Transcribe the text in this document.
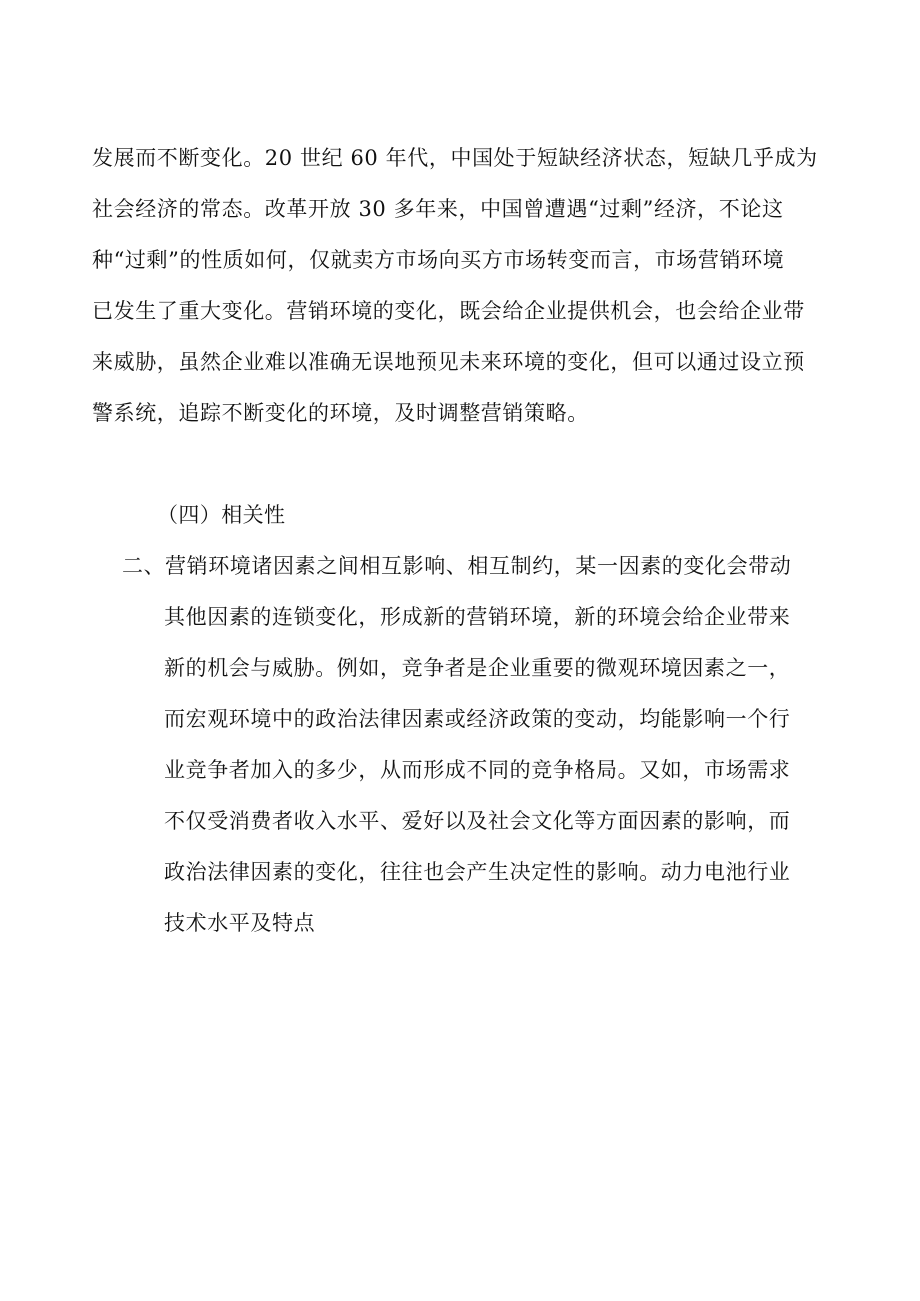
发展而不断变化。20 世纪 60 年代，中国处于短缺经济状态，短缺几乎成为
社会经济的常态。改革开放 30 多年来，中国曾遭遇“过剩”经济，不论这
种“过剩”的性质如何，仅就卖方市场向买方市场转变而言，市场营销环境
已发生了重大变化。营销环境的变化，既会给企业提供机会，也会给企业带
来威胁，虽然企业难以准确无误地预见未来环境的变化，但可以通过设立预
警系统，追踪不断变化的环境，及时调整营销策略。
（四）相关性
二、 营销环境诸因素之间相互影响、相互制约，某一因素的变化会带动
其他因素的连锁变化，形成新的营销环境，新的环境会给企业带来
新的机会与威胁。例如，竞争者是企业重要的微观环境因素之一，
而宏观环境中的政治法律因素或经济政策的变动，均能影响一个行
业竞争者加入的多少，从而形成不同的竞争格局。又如，市场需求
不仅受消费者收入水平、爱好以及社会文化等方面因素的影响，而
政治法律因素的变化，往往也会产生决定性的影响。动力电池行业
技术水平及特点
